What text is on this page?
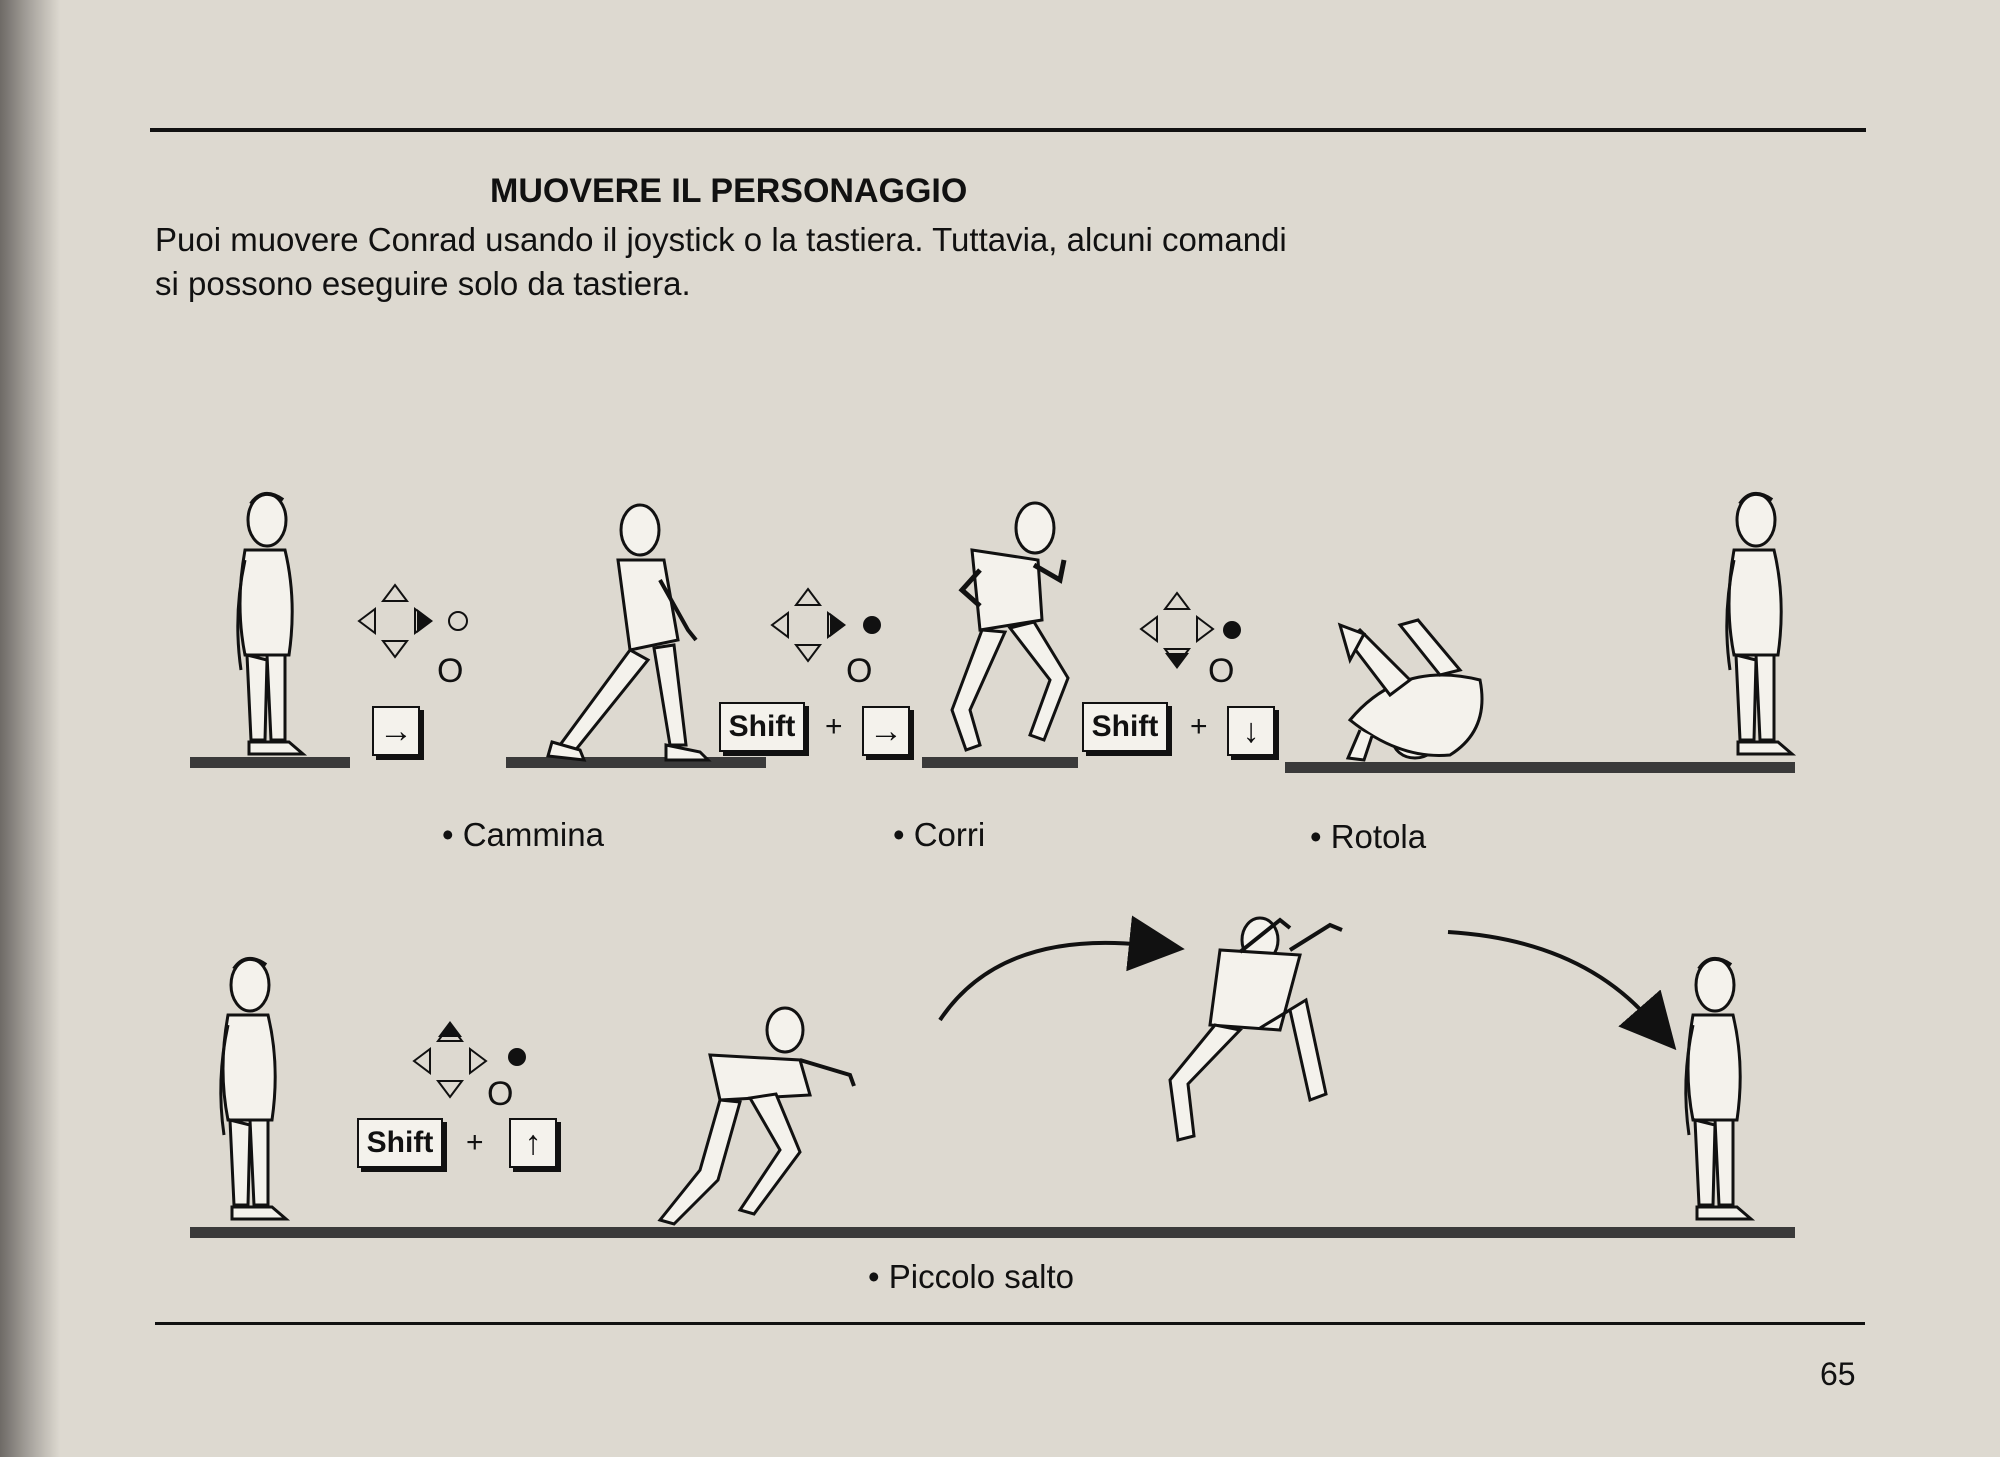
MUOVERE IL PERSONAGGIO

Puoi muovere Conrad usando il joystick o la tastiera. Tuttavia, alcuni comandi si possono eseguire solo da tastiera.

O
→
O
Shift + →
O
Shift	+	↓
O
Shift	+	↑
• Cammina	• Corri	• Rotola
• Piccolo salto
65
